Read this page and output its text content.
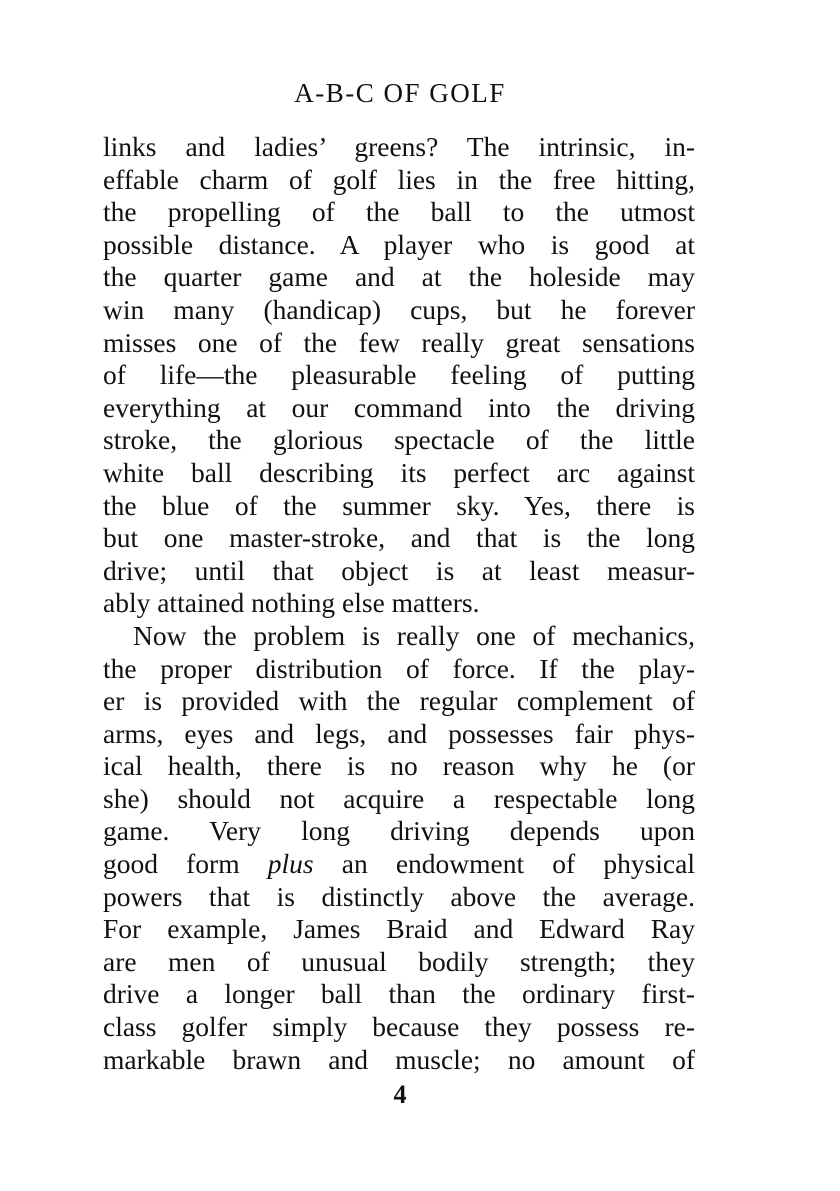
A-B-C OF GOLF
links and ladies’ greens? The intrinsic, in-
effable charm of golf lies in the free hitting,
the propelling of the ball to the utmost
possible distance. A player who is good at
the quarter game and at the holeside may
win many (handicap) cups, but he forever
misses one of the few really great sensations
of life—the pleasurable feeling of putting
everything at our command into the driving
stroke, the glorious spectacle of the little
white ball describing its perfect arc against
the blue of the summer sky. Yes, there is
but one master-stroke, and that is the long
drive; until that object is at least measur-
ably attained nothing else matters.
Now the problem is really one of mechanics,
the proper distribution of force. If the play-
er is provided with the regular complement of
arms, eyes and legs, and possesses fair phys-
ical health, there is no reason why he (or
she) should not acquire a respectable long
game. Very long driving depends upon
good form plus an endowment of physical
powers that is distinctly above the average.
For example, James Braid and Edward Ray
are men of unusual bodily strength; they
drive a longer ball than the ordinary first-
class golfer simply because they possess re-
markable brawn and muscle; no amount of
4
